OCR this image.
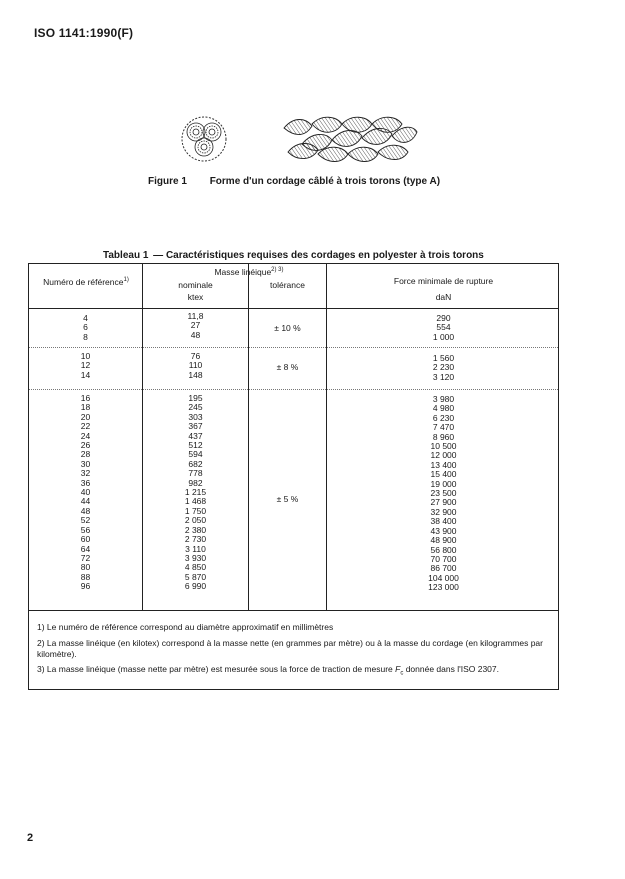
ISO 1141:1990(F)
Figure 1 Forme d'un cordage câblé à trois torons (type A)
Tableau 1 — Caractéristiques requises des cordages en polyester à trois torons
Numéro de référence$^{1)}$
Masse linéique$^{2) 3)}$
nominale
ktex
tolérance	Force minimale de rupture
daN
4
6
8
11,8
27
48
± 10 %
290
554
1 000
10
12
14
76
110
148
± 8 %
1 560
2 230
3 120
16
18
20
22
24
26
28
30
32
36
40
44
48
52
56
60
64
72
80
88
96
195
245
303
367
437
512
594
682
778
982
1 215
1 468
1 750
2 050
2 380
2 730
3 110
3 930
4 850
5 870
6 990
± 5 %
3 980
4 980
6 230
7 470
8 960
10 500
12 000
13 400
15 400
19 000
23 500
27 900
32 900
38 400
43 900
48 900
56 800
70 700
86 700
104 000
123 000
1) Le numéro de référence correspond au diamètre approximatif en millimètres
2) La masse linéique (en kilotex) correspond à la masse nette (en grammes par mètre) ou à la masse du cordage (en kilogrammes par kilomètre).
3) La masse linéique (masse nette par mètre) est mesurée sous la force de traction de mesure $F_c$ donnée dans l'ISO 2307.
2
